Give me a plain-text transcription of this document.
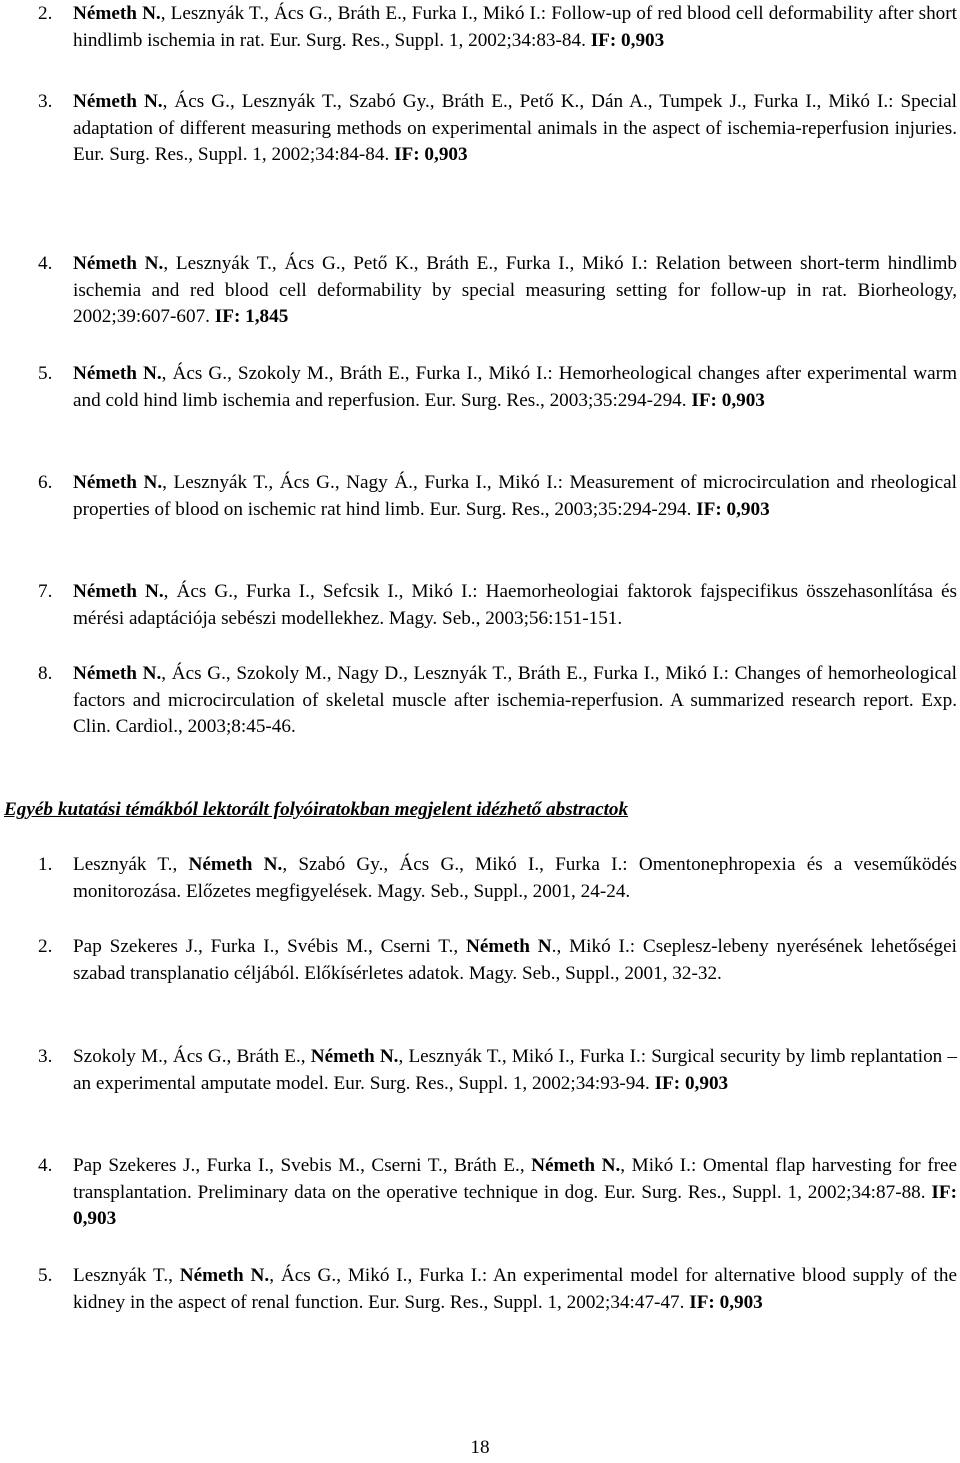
2.	Németh N., Lesznyák T., Ács G., Bráth E., Furka I., Mikó I.: Follow-up of red blood cell deformability after short hindlimb ischemia in rat. Eur. Surg. Res., Suppl. 1, 2002;34:83-84. IF: 0,903
3.	Németh N., Ács G., Lesznyák T., Szabó Gy., Bráth E., Pető K., Dán A., Tumpek J., Furka I., Mikó I.: Special adaptation of different measuring methods on experimental animals in the aspect of ischemia-reperfusion injuries. Eur. Surg. Res., Suppl. 1, 2002;34:84-84. IF: 0,903
4.	Németh N., Lesznyák T., Ács G., Pető K., Bráth E., Furka I., Mikó I.: Relation between short-term hindlimb ischemia and red blood cell deformability by special measuring setting for follow-up in rat. Biorheology, 2002;39:607-607. IF: 1,845
5.	Németh N., Ács G., Szokoly M., Bráth E., Furka I., Mikó I.: Hemorheological changes after experimental warm and cold hind limb ischemia and reperfusion. Eur. Surg. Res., 2003;35:294-294. IF: 0,903
6.	Németh N., Lesznyák T., Ács G., Nagy Á., Furka I., Mikó I.: Measurement of microcirculation and rheological properties of blood on ischemic rat hind limb. Eur. Surg. Res., 2003;35:294-294. IF: 0,903
7.	Németh N., Ács G., Furka I., Sefcsik I., Mikó I.: Haemorheologiai faktorok fajspecifikus összehasonlítása és mérési adaptációja sebészi modellekhez. Magy. Seb., 2003;56:151-151.
8.	Németh N., Ács G., Szokoly M., Nagy D., Lesznyák T., Bráth E., Furka I., Mikó I.: Changes of hemorheological factors and microcirculation of skeletal muscle after ischemia-reperfusion. A summarized research report. Exp. Clin. Cardiol., 2003;8:45-46.
Egyéb kutatási témákból lektorált folyóiratokban megjelent idézhető abstractok
1.	Lesznyák T., Németh N., Szabó Gy., Ács G., Mikó I., Furka I.: Omentonephropexia és a veseműködés monitorozása. Előzetes megfigyelések. Magy. Seb., Suppl., 2001, 24-24.
2.	Pap Szekeres J., Furka I., Svébis M., Cserni T., Németh N., Mikó I.: Cseplesz-lebeny nyerésének lehetőségei szabad transplanatio céljából. Előkísérletes adatok. Magy. Seb., Suppl., 2001, 32-32.
3.	Szokoly M., Ács G., Bráth E., Németh N., Lesznyák T., Mikó I., Furka I.: Surgical security by limb replantation – an experimental amputate model. Eur. Surg. Res., Suppl. 1, 2002;34:93-94. IF: 0,903
4.	Pap Szekeres J., Furka I., Svebis M., Cserni T., Bráth E., Németh N., Mikó I.: Omental flap harvesting for free transplantation. Preliminary data on the operative technique in dog. Eur. Surg. Res., Suppl. 1, 2002;34:87-88. IF: 0,903
5.	Lesznyák T., Németh N., Ács G., Mikó I., Furka I.: An experimental model for alternative blood supply of the kidney in the aspect of renal function. Eur. Surg. Res., Suppl. 1, 2002;34:47-47. IF: 0,903
18
